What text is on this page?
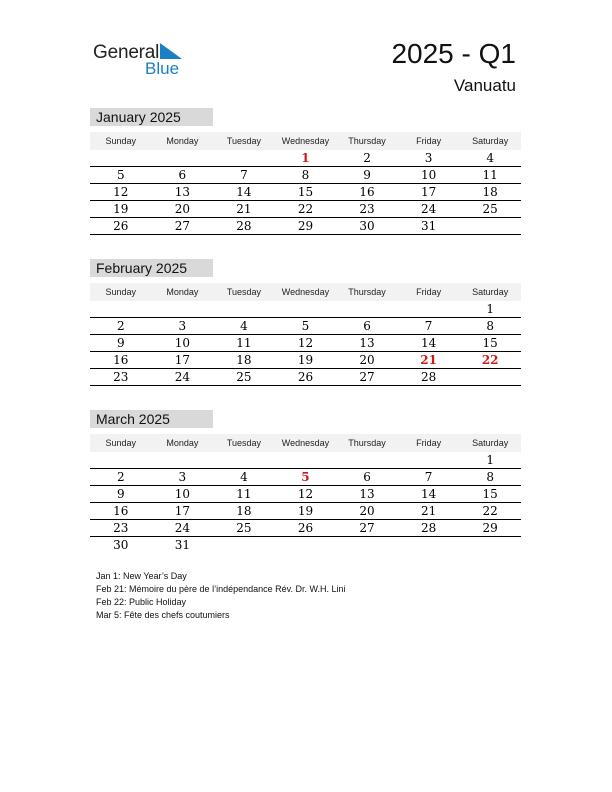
General
Blue	2025 - Q1
Vanuatu
January 2025
Sunday	Monday	Tuesday	Wednesday	Thursday	Friday	Saturday
			1	2	3	4
5	6	7	8	9	10	11
12	13	14	15	16	17	18
19	20	21	22	23	24	25
26	27	28	29	30	31	
February 2025
Sunday	Monday	Tuesday	Wednesday	Thursday	Friday	Saturday
						1
2	3	4	5	6	7	8
9	10	11	12	13	14	15
16	17	18	19	20	21	22
23	24	25	26	27	28	
March 2025
Sunday	Monday	Tuesday	Wednesday	Thursday	Friday	Saturday
						1
2	3	4	5	6	7	8
9	10	11	12	13	14	15
16	17	18	19	20	21	22
23	24	25	26	27	28	29
30	31					
Jan 1: New Year’s Day
Feb 21: Mémoire du père de l’indépendance Rév. Dr. W.H. Lini
Feb 22: Public Holiday
Mar 5: Fête des chefs coutumiers
